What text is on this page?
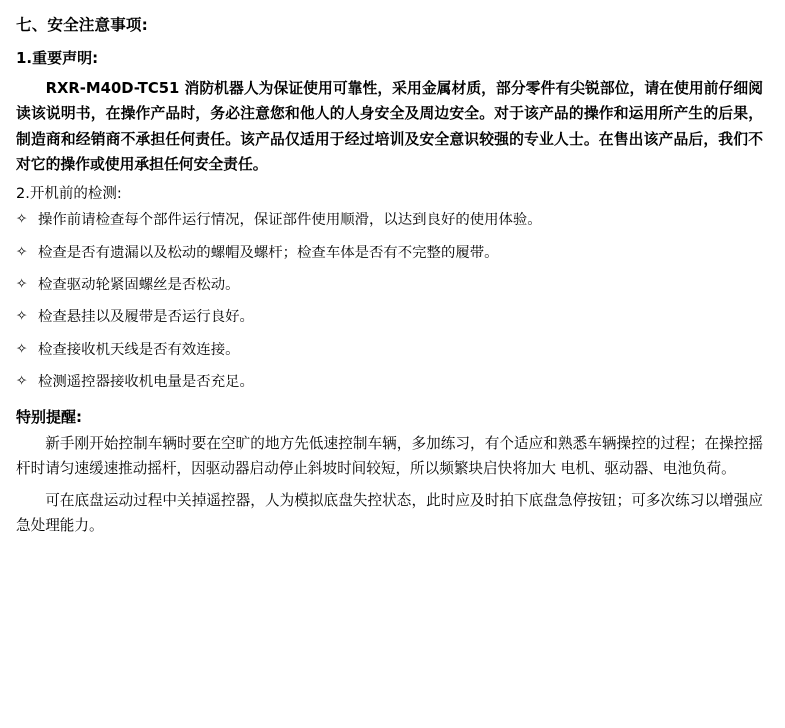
七、安全注意事项:
1.重要声明:

RXR-M40D-TC51 消防机器人为保证使用可靠性，采用金属材质，部分零件有尖锐部位，请在使用前仔细阅读该说明书，在操作产品时，务必注意您和他人的人身安全及周边安全。对于该产品的操作和运用所产生的后果，制造商和经销商不承担任何责任。该产品仅适用于经过培训及安全意识较强的专业人士。在售出该产品后，我们不对它的操作或使用承担任何安全责任。

2.开机前的检测:
✧ 操作前请检查每个部件运行情况，保证部件使用顺滑，以达到良好的使用体验。
✧ 检查是否有遗漏以及松动的螺帽及螺杆；检查车体是否有不完整的履带。
✧ 检查驱动轮紧固螺丝是否松动。
✧ 检查悬挂以及履带是否运行良好。
✧ 检查接收机天线是否有效连接。
✧ 检测遥控器接收机电量是否充足。
特别提醒:

新手刚开始控制车辆时要在空旷的地方先低速控制车辆，多加练习，有个适应和熟悉车辆操控的过程；在操控摇杆时请匀速缓速推动摇杆，因驱动器启动停止斜坡时间较短，所以频繁块启快将加大 电机、驱动器、电池负荷。

可在底盘运动过程中关掉遥控器，人为模拟底盘失控状态，此时应及时拍下底盘急停按钮；可多次练习以增强应急处理能力。
